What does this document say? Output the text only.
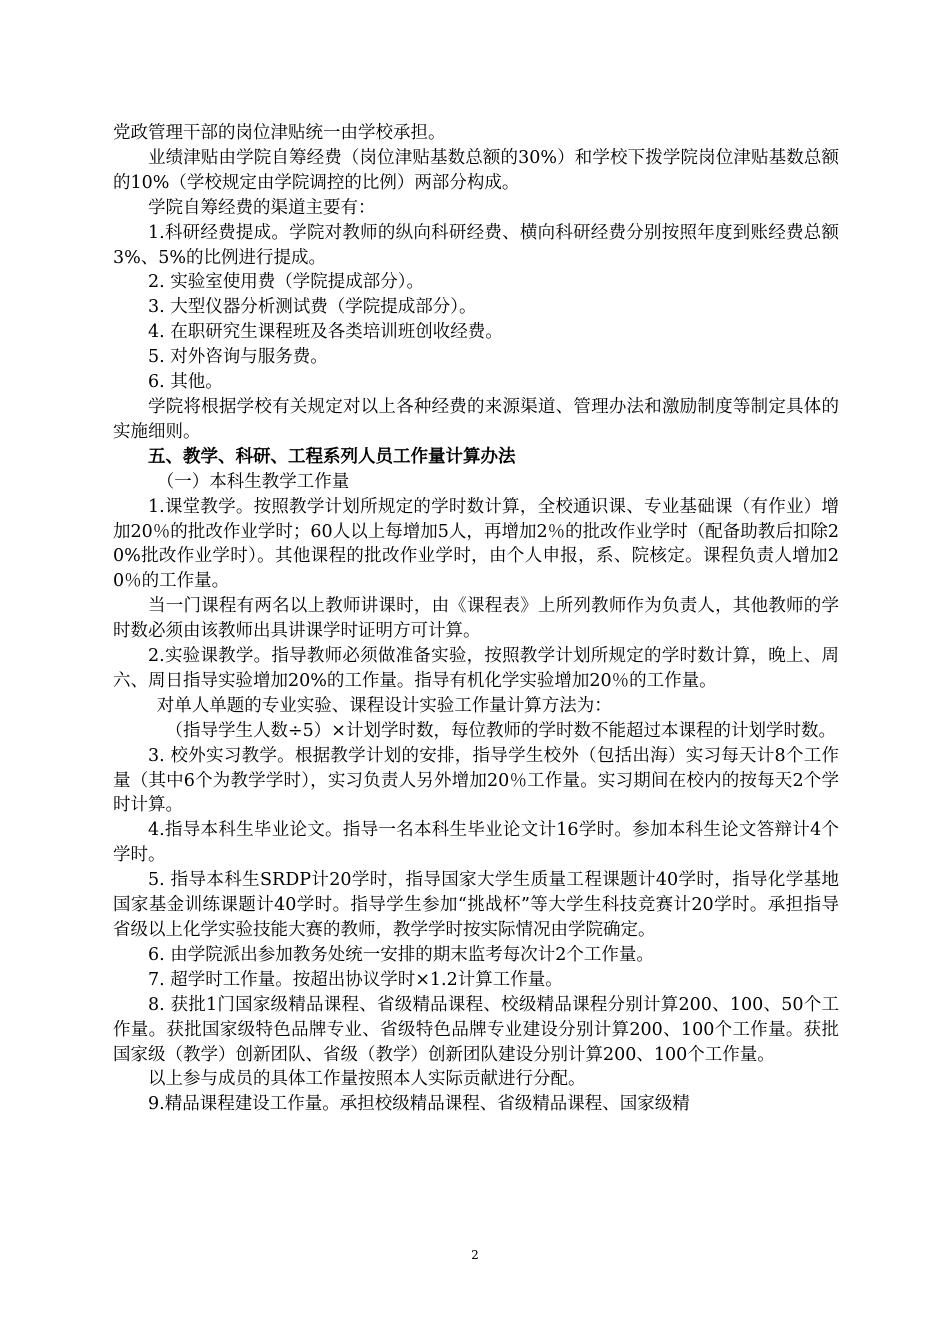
党政管理干部的岗位津贴统一由学校承担。

业绩津贴由学院自筹经费（岗位津贴基数总额的30%）和学校下拨学院岗位津贴基数总额的10%（学校规定由学院调控的比例）两部分构成。

学院自筹经费的渠道主要有：

1.科研经费提成。学院对教师的纵向科研经费、横向科研经费分别按照年度到账经费总额3%、5%的比例进行提成。

2. 实验室使用费（学院提成部分）。

3. 大型仪器分析测试费（学院提成部分）。

4. 在职研究生课程班及各类培训班创收经费。

5. 对外咨询与服务费。

6. 其他。

学院将根据学校有关规定对以上各种经费的来源渠道、管理办法和激励制度等制定具体的实施细则。

五、教学、科研、工程系列人员工作量计算办法

（一）本科生教学工作量

1.课堂教学。按照教学计划所规定的学时数计算，全校通识课、专业基础课（有作业）增加20％的批改作业学时；60人以上每增加5人，再增加2％的批改作业学时（配备助教后扣除20%批改作业学时）。其他课程的批改作业学时，由个人申报，系、院核定。课程负责人增加20％的工作量。

当一门课程有两名以上教师讲课时，由《课程表》上所列教师作为负责人，其他教师的学时数必须由该教师出具讲课学时证明方可计算。

2.实验课教学。指导教师必须做准备实验，按照教学计划所规定的学时数计算，晚上、周六、周日指导实验增加20%的工作量。指导有机化学实验增加20％的工作量。

对单人单题的专业实验、课程设计实验工作量计算方法为：

（指导学生人数÷5）×计划学时数，每位教师的学时数不能超过本课程的计划学时数。

3. 校外实习教学。根据教学计划的安排，指导学生校外（包括出海）实习每天计8个工作量（其中6个为教学学时），实习负责人另外增加20％工作量。实习期间在校内的按每天2个学时计算。

4.指导本科生毕业论文。指导一名本科生毕业论文计16学时。参加本科生论文答辩计4个学时。

5. 指导本科生SRDP计20学时，指导国家大学生质量工程课题计40学时，指导化学基地国家基金训练课题计40学时。指导学生参加“挑战杯”等大学生科技竞赛计20学时。承担指导省级以上化学实验技能大赛的教师，教学学时按实际情况由学院确定。

6. 由学院派出参加教务处统一安排的期末监考每次计2个工作量。

7. 超学时工作量。按超出协议学时×1.2计算工作量。

8. 获批1门国家级精品课程、省级精品课程、校级精品课程分别计算200、100、50个工作量。获批国家级特色品牌专业、省级特色品牌专业建设分别计算200、100个工作量。获批国家级（教学）创新团队、省级（教学）创新团队建设分别计算200、100个工作量。

以上参与成员的具体工作量按照本人实际贡献进行分配。

9.精品课程建设工作量。承担校级精品课程、省级精品课程、国家级精

2
